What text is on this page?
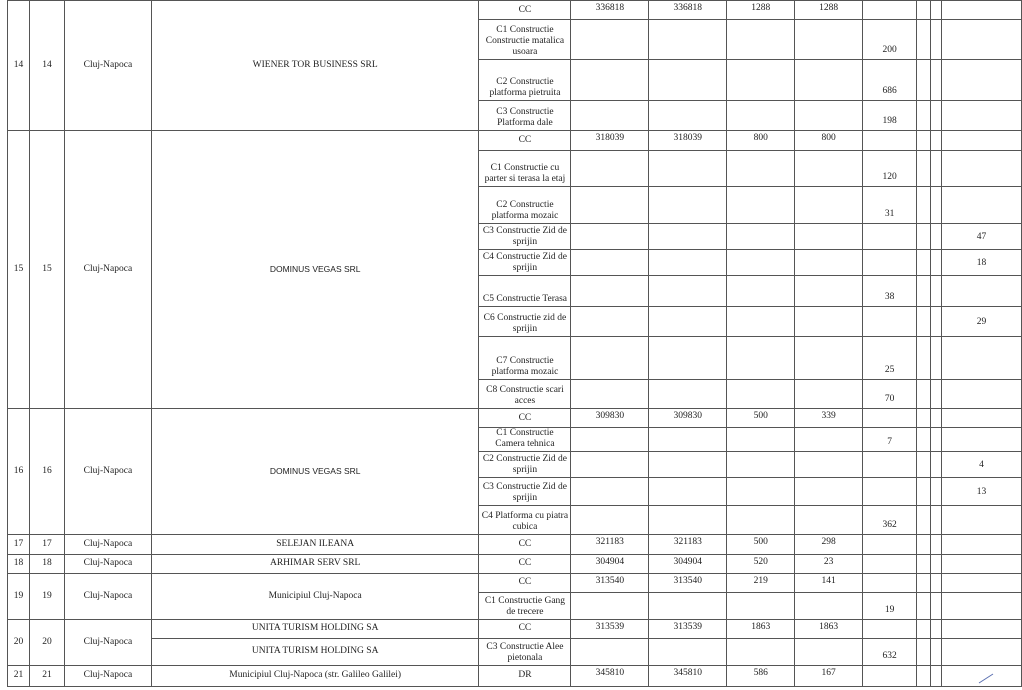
14	14	Cluj-Napoca	WIENER TOR BUSINESS SRL	CC	336818	336818	1288	1288				
				C1 Constructie Constructie matalica usoara					200			
				C2 Constructie platforma pietruita					686			
				C3 Constructie Platforma dale					198			
15	15	Cluj-Napoca	DOMINUS VEGAS SRL	CC	318039	318039	800	800				
				C1 Constructie cu parter si terasa la etaj					120			
				C2 Constructie platforma mozaic					31			
				C3 Constructie Zid de sprijin								47
				C4 Constructie Zid de sprijin								18
				C5 Constructie Terasa					38			
				C6 Constructie zid de sprijin								29
				C7 Constructie platforma mozaic					25			
				C8 Constructie scari acces					70			
16	16	Cluj-Napoca	DOMINUS VEGAS SRL	CC	309830	309830	500	339				
				C1 Constructie Camera tehnica					7			
				C2 Constructie Zid de sprijin								4
				C3 Constructie Zid de sprijin								13
				C4 Platforma cu piatra cubica					362			
17	17	Cluj-Napoca	SELEJAN ILEANA	CC	321183	321183	500	298				
18	18	Cluj-Napoca	ARHIMAR SERV SRL	CC	304904	304904	520	23				
19	19	Cluj-Napoca	Municipiul Cluj-Napoca	CC	313540	313540	219	141				
				C1 Constructie Gang de trecere					19			
20	20	Cluj-Napoca	UNITA TURISM HOLDING SA	CC	313539	313539	1863	1863				
			UNITA TURISM HOLDING SA	C3 Constructie Alee pietonala					632			
21	21	Cluj-Napoca	Municipiul Cluj-Napoca (str. Galileo Galilei)	DR	345810	345810	586	167				
